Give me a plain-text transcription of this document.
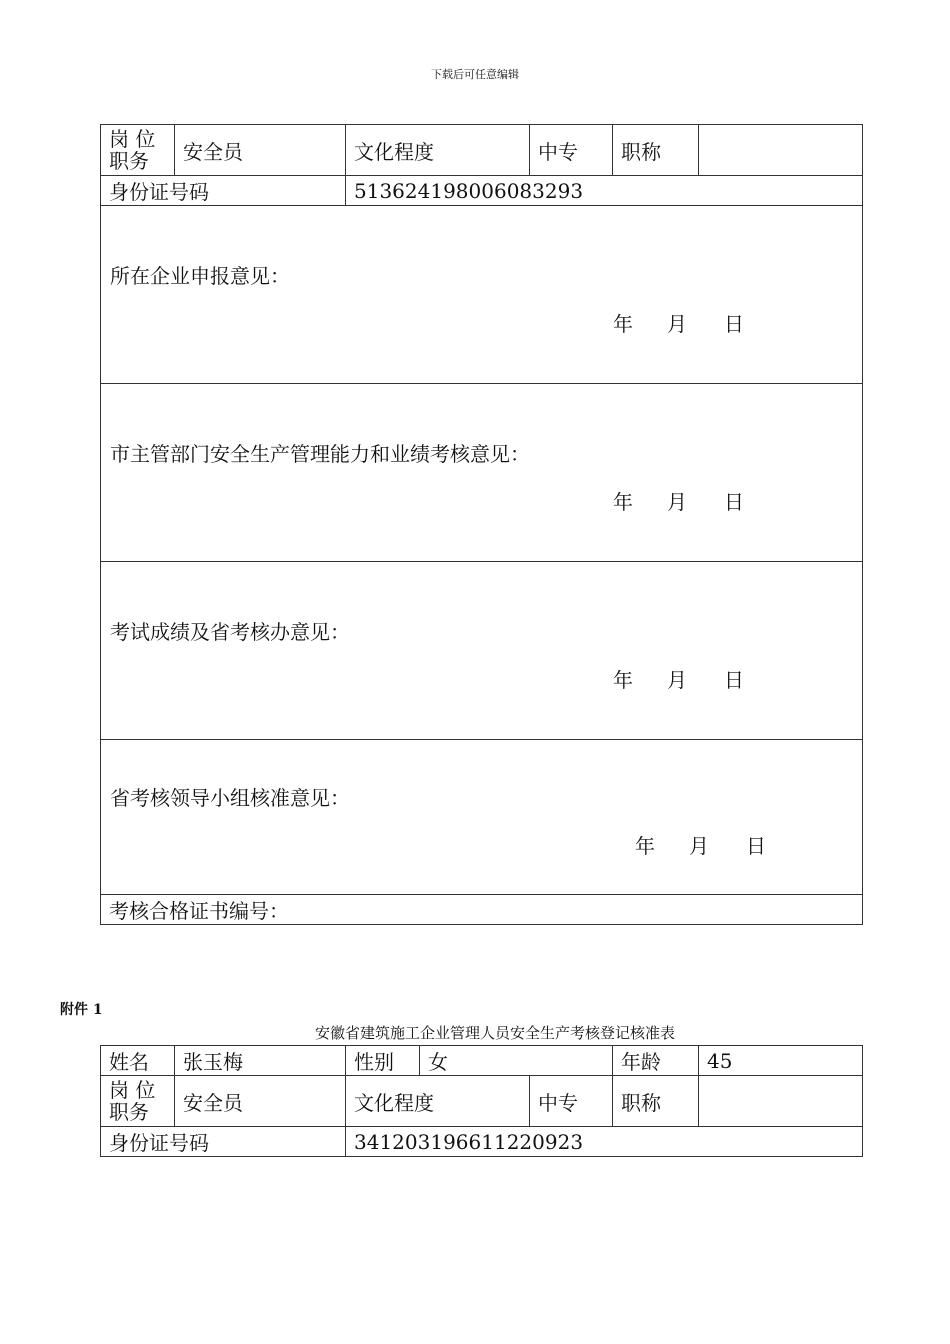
下载后可任意编辑
岗 位
职务	安全员	文化程度	中专	职称	
身份证号码		513624198006083293			

所在企业申报意见：
年 月 日					

市主管部门安全生产管理能力和业绩考核意见：
年 月 日					

考试成绩及省考核办意见：
年 月 日					

省考核领导小组核准意见：
年 月 日					

考核合格证书编号：					
附件 1
安徽省建筑施工企业管理人员安全生产考核登记核准表
姓名	张玉梅	性别	女		年龄	45

岗 位
职务	安全员	文化程度		中专	职称	
身份证号码		341203196611220923				
